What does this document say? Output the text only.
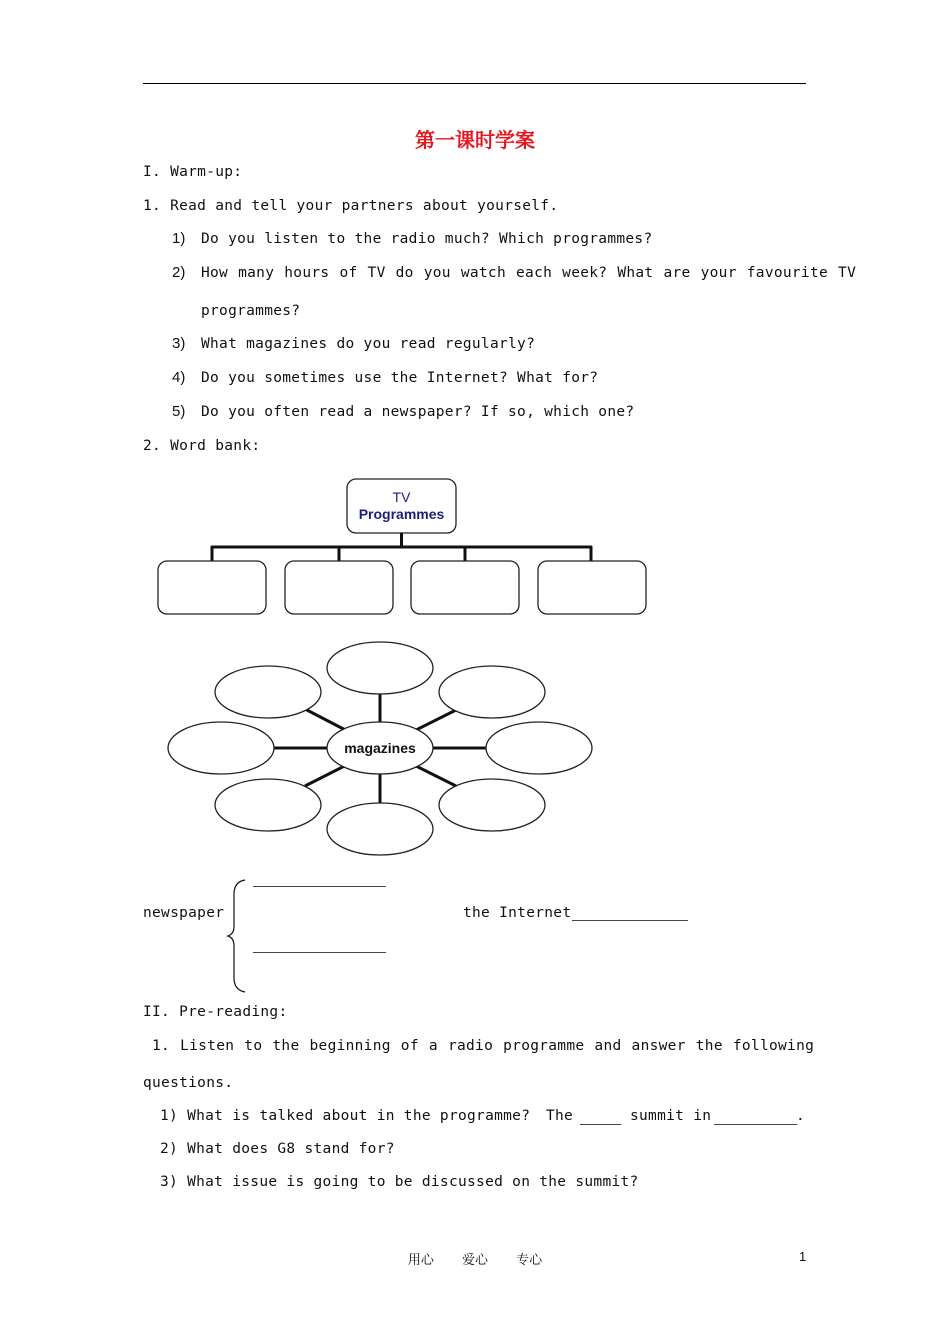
第一课时学案
I. Warm-up:
1. Read and tell your partners about yourself.
1) Do you listen to the radio much? Which programmes?
2) How many hours of TV do you watch each week? What are your favourite TV
programmes?
3) What magazines do you read regularly?
4) Do you sometimes use the Internet? What for?
5) Do you often read a newspaper? If so, which one?
2. Word bank:
TV
Programmes
magazines
newspaper	the Internet
II. Pre-reading:
1. Listen to the beginning of a radio programme and answer the following
questions.
1) What is talked about in the programme? The	summit in	.
2) What does G8 stand for?
3) What issue is going to be discussed on the summit?
用心 爱心 专心	1
